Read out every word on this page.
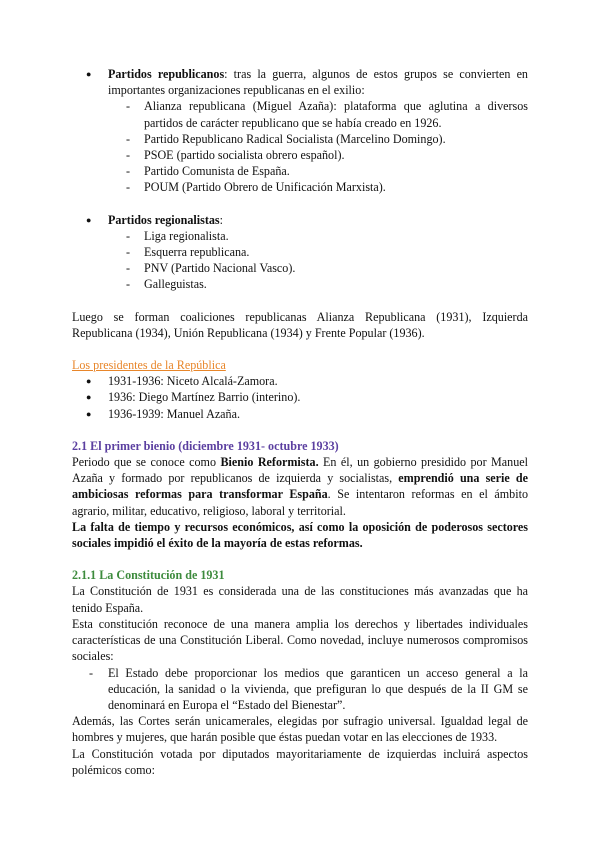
● Partidos republicanos: tras la guerra, algunos de estos grupos se convierten en importantes organizaciones republicanas en el exilio:
- Alianza republicana (Miguel Azaña): plataforma que aglutina a diversos partidos de carácter republicano que se había creado en 1926.
- Partido Republicano Radical Socialista (Marcelino Domingo).
- PSOE (partido socialista obrero español).
- Partido Comunista de España.
- POUM (Partido Obrero de Unificación Marxista).
● Partidos regionalistas:
- Liga regionalista.
- Esquerra republicana.
- PNV (Partido Nacional Vasco).
- Galleguistas.

Luego se forman coaliciones republicanas Alianza Republicana (1931), Izquierda Republicana (1934), Unión Republicana (1934) y Frente Popular (1936).

Los presidentes de la República
● 1931-1936: Niceto Alcalá-Zamora.
● 1936: Diego Martínez Barrio (interino).
● 1936-1939: Manuel Azaña.
2.1 El primer bienio (diciembre 1931- octubre 1933)

Periodo que se conoce como Bienio Reformista. En él, un gobierno presidido por Manuel Azaña y formado por republicanos de izquierda y socialistas, emprendió una serie de ambiciosas reformas para transformar España. Se intentaron reformas en el ámbito agrario, militar, educativo, religioso, laboral y territorial.

La falta de tiempo y recursos económicos, así como la oposición de poderosos sectores sociales impidió el éxito de la mayoría de estas reformas.

2.1.1 La Constitución de 1931

La Constitución de 1931 es considerada una de las constituciones más avanzadas que ha tenido España.

Esta constitución reconoce de una manera amplia los derechos y libertades individuales características de una Constitución Liberal. Como novedad, incluye numerosos compromisos sociales:

- El Estado debe proporcionar los medios que garanticen un acceso general a la educación, la sanidad o la vivienda, que prefiguran lo que después de la II GM se denominará en Europa el “Estado del Bienestar”.

Además, las Cortes serán unicamerales, elegidas por sufragio universal. Igualdad legal de hombres y mujeres, que harán posible que éstas puedan votar en las elecciones de 1933.

La Constitución votada por diputados mayoritariamente de izquierdas incluirá aspectos polémicos como:
